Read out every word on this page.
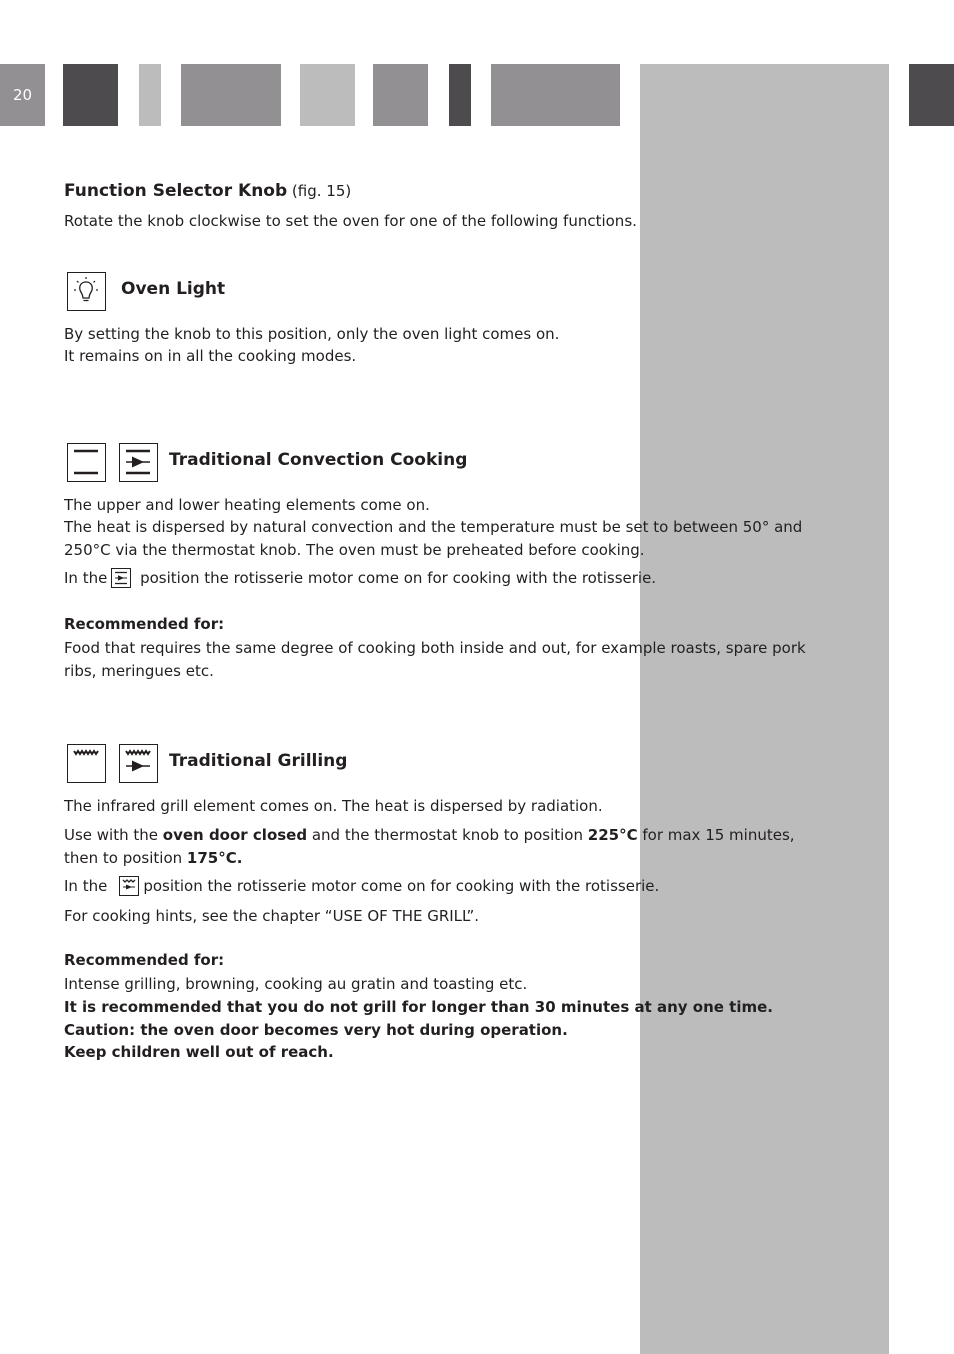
20

Function Selector Knob (fig. 15)

Rotate the knob clockwise to set the oven for one of the following functions.

By setting the knob to this position, only the oven light comes on.

It remains on in all the cooking modes.

The upper and lower heating elements come on.

The heat is dispersed by natural convection and the temperature must be set to between 50° and 250°C via the thermostat knob. The oven must be preheated before cooking.

In the position the rotisserie motor come on for cooking with the rotisserie.

Recommended for:

Food that requires the same degree of cooking both inside and out, for example roasts, spare pork ribs, meringues etc.

The infrared grill element comes on. The heat is dispersed by radiation.

Use with the oven door closed and the thermostat knob to position 225°C for max 15 minutes, then to position 175°C.

In the position the rotisserie motor come on for cooking with the rotisserie.

For cooking hints, see the chapter “USE OF THE GRILL”.

Recommended for:

Intense grilling, browning, cooking au gratin and toasting etc.

It is recommended that you do not grill for longer than 30 minutes at any one time.

Caution: the oven door becomes very hot during operation.

Keep children well out of reach.

Oven Light
Traditional Convection Cooking
Traditional Grilling
